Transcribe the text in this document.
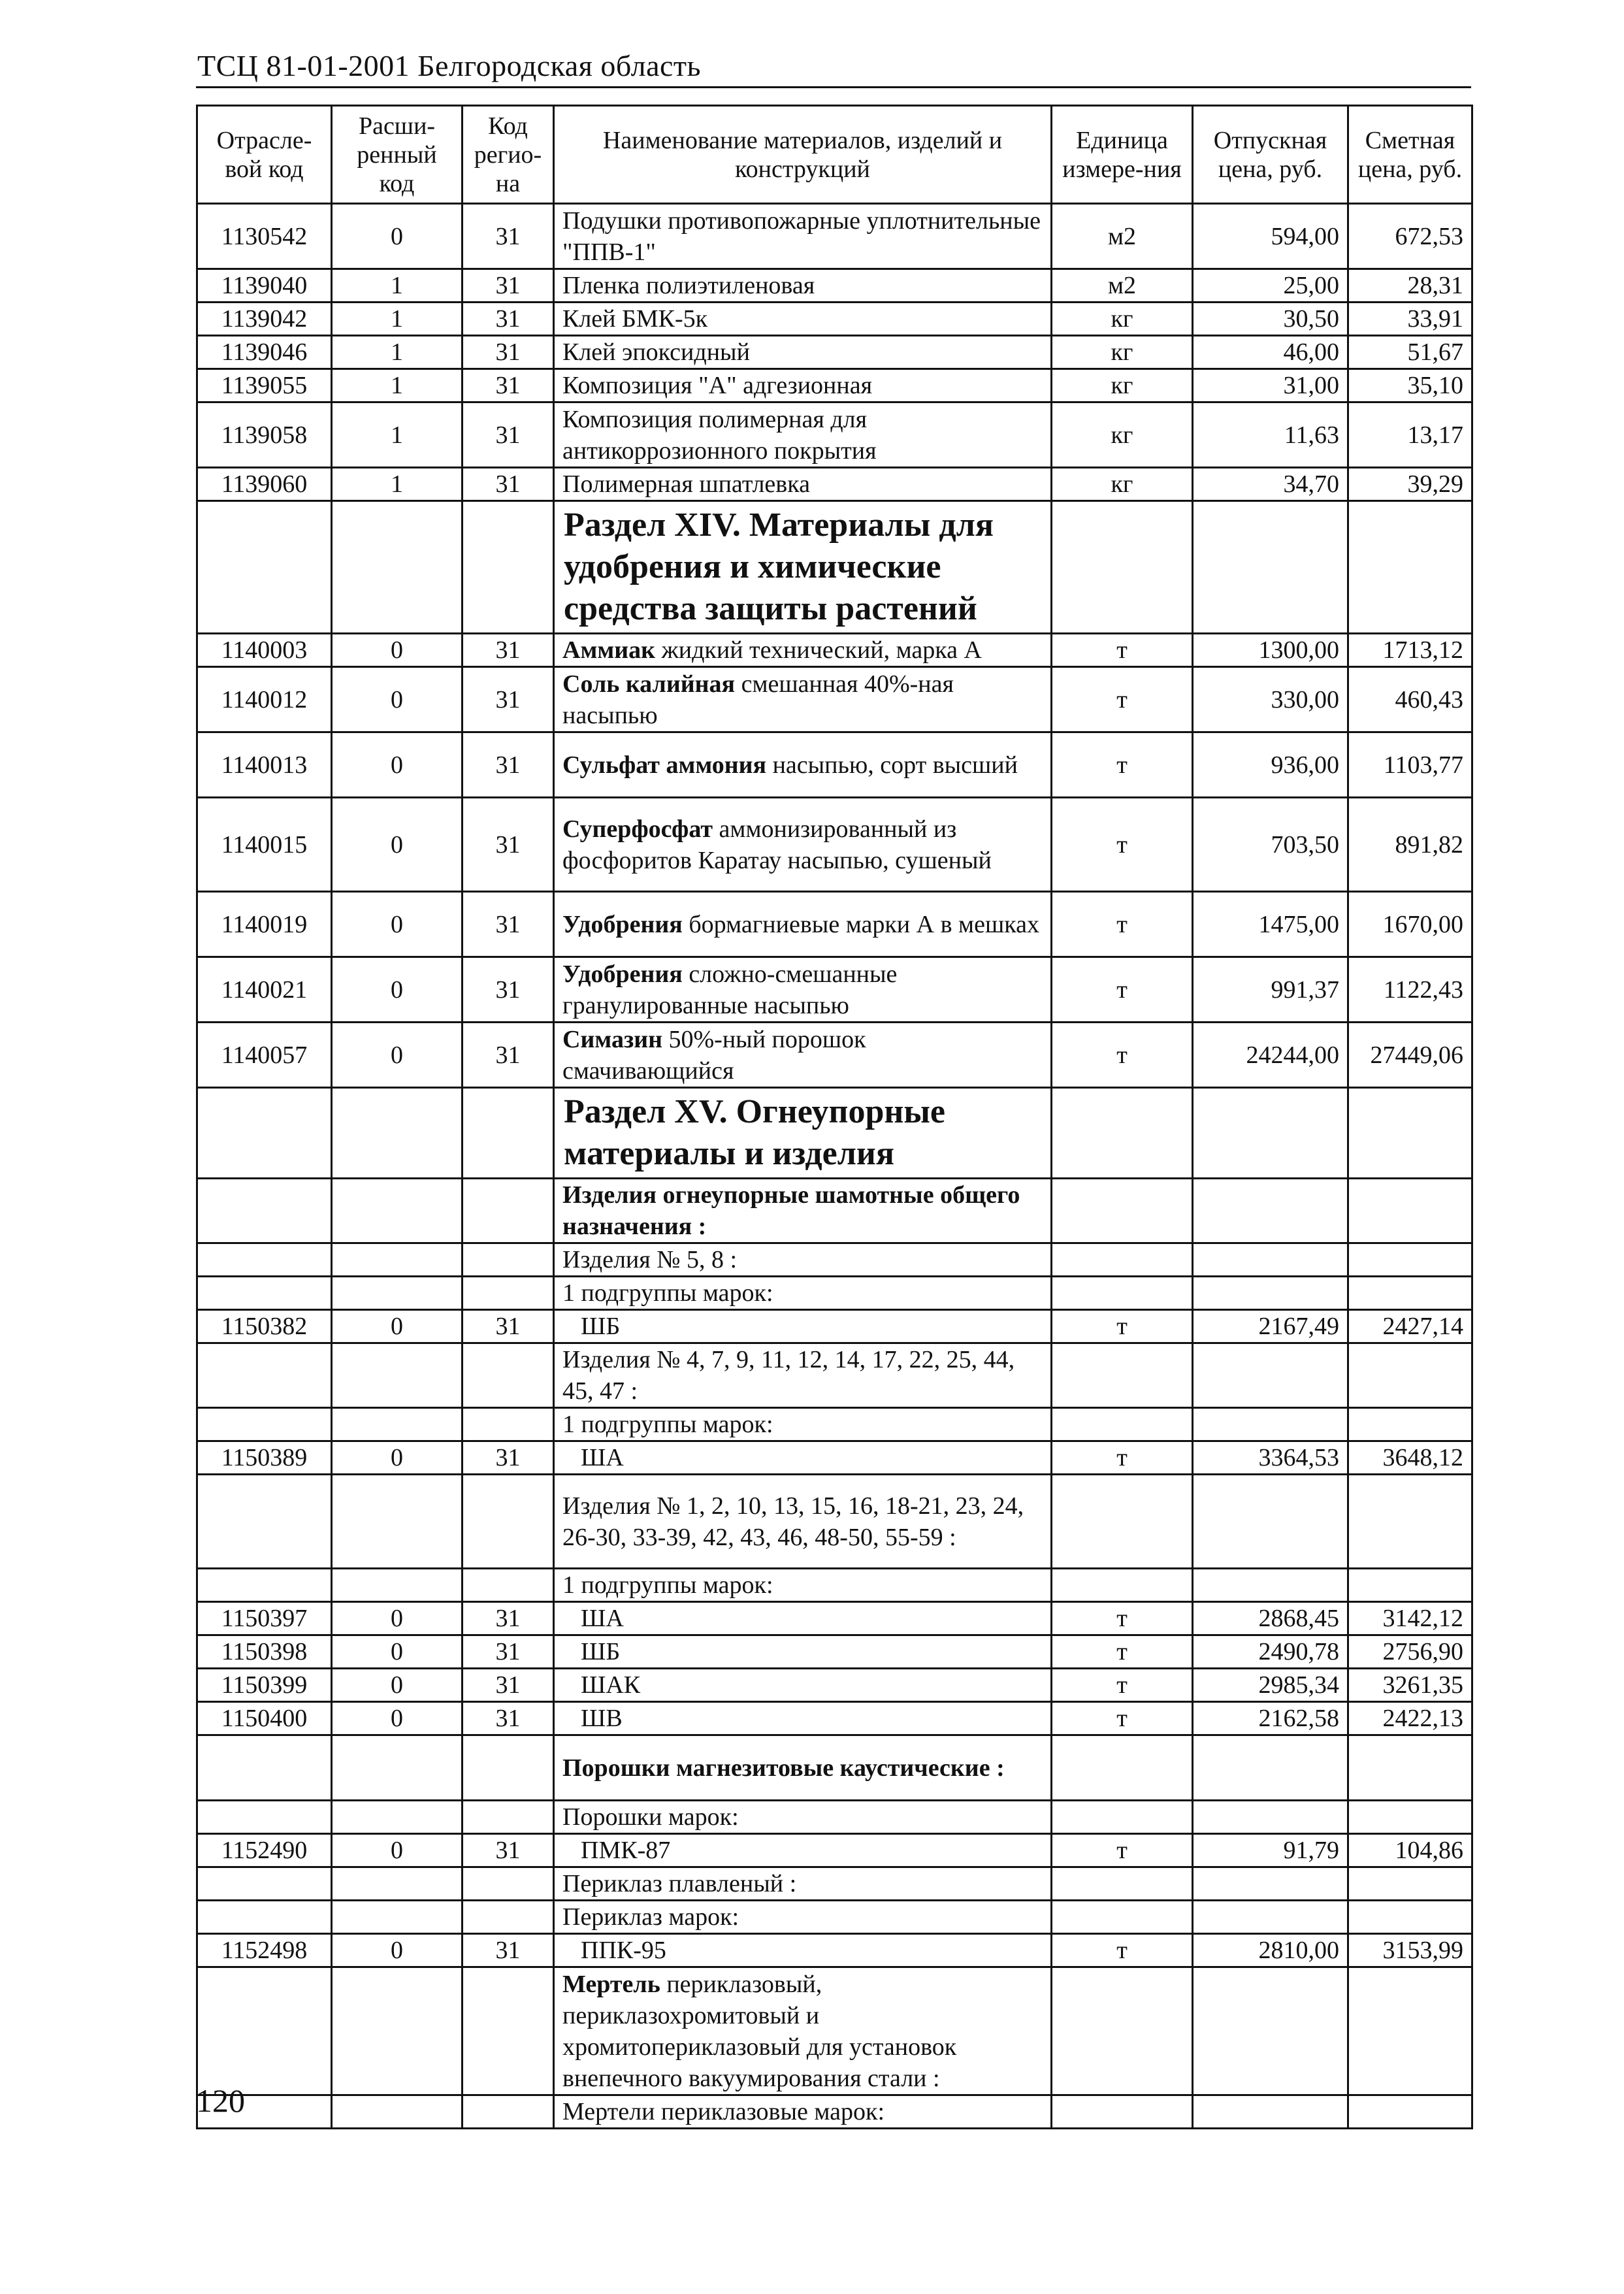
ТСЦ 81-01-2001 Белгородская область
Отрасле-вой код	Расши-ренный код	Код регио-на	Наименование материалов, изделий и конструкций	Единица измере-ния	Отпускная цена, руб.	Сметная цена, руб.
1130542	0	31	Подушки противопожарные уплотнительные "ППВ-1"	м2	594,00	672,53
1139040	1	31	Пленка полиэтиленовая	м2	25,00	28,31
1139042	1	31	Клей БМК-5к	кг	30,50	33,91
1139046	1	31	Клей эпоксидный	кг	46,00	51,67
1139055	1	31	Композиция "А" адгезионная	кг	31,00	35,10
1139058	1	31	Композиция полимерная для антикоррозионного покрытия	кг	11,63	13,17
1139060	1	31	Полимерная шпатлевка	кг	34,70	39,29
			Раздел XIV. Материалы для удобрения и химические средства защиты растений			
1140003	0	31	Аммиак жидкий технический, марка А	т	1300,00	1713,12
1140012	0	31	Соль калийная смешанная 40%-ная насыпью	т	330,00	460,43
1140013	0	31	Сульфат аммония насыпью, сорт высший	т	936,00	1103,77
1140015	0	31	Суперфосфат аммонизированный из фосфоритов Каратау насыпью, сушеный	т	703,50	891,82
1140019	0	31	Удобрения бормагниевые марки А в мешках	т	1475,00	1670,00
1140021	0	31	Удобрения сложно-смешанные гранулированные насыпью	т	991,37	1122,43
1140057	0	31	Симазин 50%-ный порошок смачивающийся	т	24244,00	27449,06
			Раздел XV. Огнеупорные материалы и изделия			
			Изделия огнеупорные шамотные общего назначения :			
			Изделия № 5, 8 :			
			1 подгруппы марок:			
1150382	0	31	ШБ	т	2167,49	2427,14
			Изделия № 4, 7, 9, 11, 12, 14, 17, 22, 25, 44, 45, 47 :			
			1 подгруппы марок:			
1150389	0	31	ША	т	3364,53	3648,12
			Изделия № 1, 2, 10, 13, 15, 16, 18-21, 23, 24, 26-30, 33-39, 42, 43, 46, 48-50, 55-59 :			
			1 подгруппы марок:			
1150397	0	31	ША	т	2868,45	3142,12
1150398	0	31	ШБ	т	2490,78	2756,90
1150399	0	31	ШАК	т	2985,34	3261,35
1150400	0	31	ШВ	т	2162,58	2422,13
			Порошки магнезитовые каустические :			
			Порошки марок:			
1152490	0	31	ПМК-87	т	91,79	104,86
			Периклаз плавленый :			
			Периклаз марок:			
1152498	0	31	ППК-95	т	2810,00	3153,99
			Мертель периклазовый, периклазохромитовый и хромитопериклазовый для установок внепечного вакуумирования стали :			
			Мертели периклазовые марок:			
120
